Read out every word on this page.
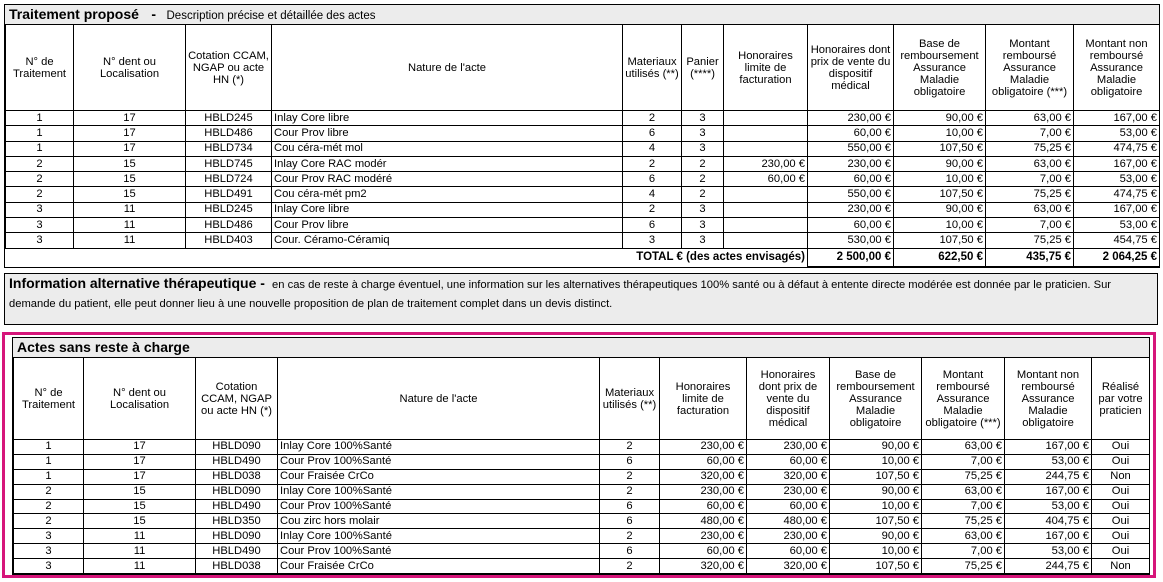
Traitement proposé - Description précise et détaillée des actes
N° de Traitement	N° dent ou Localisation	Cotation CCAM, NGAP ou acte HN (*)	Nature de l'acte	Materiaux utilisés (**)	Panier (****)	Honoraires limite de facturation	Honoraires dont prix de vente du dispositif médical	Base de remboursement Assurance Maladie obligatoire	Montant remboursé Assurance Maladie obligatoire (***)	Montant non remboursé Assurance Maladie obligatoire
1	17	HBLD245	Inlay Core libre	2	3		230,00 €	90,00 €	63,00 €	167,00 €
1	17	HBLD486	Cour Prov libre	6	3		60,00 €	10,00 €	7,00 €	53,00 €
1	17	HBLD734	Cou céra-mét mol	4	3		550,00 €	107,50 €	75,25 €	474,75 €
2	15	HBLD745	Inlay Core RAC modér	2	2	230,00 €	230,00 €	90,00 €	63,00 €	167,00 €
2	15	HBLD724	Cour Prov RAC modéré	6	2	60,00 €	60,00 €	10,00 €	7,00 €	53,00 €
2	15	HBLD491	Cou céra-mét pm2	4	2		550,00 €	107,50 €	75,25 €	474,75 €
3	11	HBLD245	Inlay Core libre	2	3		230,00 €	90,00 €	63,00 €	167,00 €
3	11	HBLD486	Cour Prov libre	6	3		60,00 €	10,00 €	7,00 €	53,00 €
3	11	HBLD403	Cour. Céramo-Céramiq	3	3		530,00 €	107,50 €	75,25 €	454,75 €
TOTAL € (des actes envisagés)							2 500,00 €	622,50 €	435,75 €	2 064,25 €
Information alternative thérapeutique - en cas de reste à charge éventuel, une information sur les alternatives thérapeutiques 100% santé ou à défaut à entente directe modérée est donnée par le praticien. Sur demande du patient, elle peut donner lieu à une nouvelle proposition de plan de traitement complet dans un devis distinct.
Actes sans reste à charge
N° de Traitement	N° dent ou Localisation	Cotation CCAM, NGAP ou acte HN (*)	Nature de l'acte	Materiaux utilisés (**)	Honoraires limite de facturation	Honoraires dont prix de vente du dispositif médical	Base de remboursement Assurance Maladie obligatoire	Montant remboursé Assurance Maladie obligatoire (***)	Montant non remboursé Assurance Maladie obligatoire	Réalisé par votre praticien
1	17	HBLD090	Inlay Core 100%Santé	2	230,00 €	230,00 €	90,00 €	63,00 €	167,00 €	Oui
1	17	HBLD490	Cour Prov 100%Santé	6	60,00 €	60,00 €	10,00 €	7,00 €	53,00 €	Oui
1	17	HBLD038	Cour Fraisée CrCo	2	320,00 €	320,00 €	107,50 €	75,25 €	244,75 €	Non
2	15	HBLD090	Inlay Core 100%Santé	2	230,00 €	230,00 €	90,00 €	63,00 €	167,00 €	Oui
2	15	HBLD490	Cour Prov 100%Santé	6	60,00 €	60,00 €	10,00 €	7,00 €	53,00 €	Oui
2	15	HBLD350	Cou zirc hors molair	6	480,00 €	480,00 €	107,50 €	75,25 €	404,75 €	Oui
3	11	HBLD090	Inlay Core 100%Santé	2	230,00 €	230,00 €	90,00 €	63,00 €	167,00 €	Oui
3	11	HBLD490	Cour Prov 100%Santé	6	60,00 €	60,00 €	10,00 €	7,00 €	53,00 €	Oui
3	11	HBLD038	Cour Fraisée CrCo	2	320,00 €	320,00 €	107,50 €	75,25 €	244,75 €	Non
